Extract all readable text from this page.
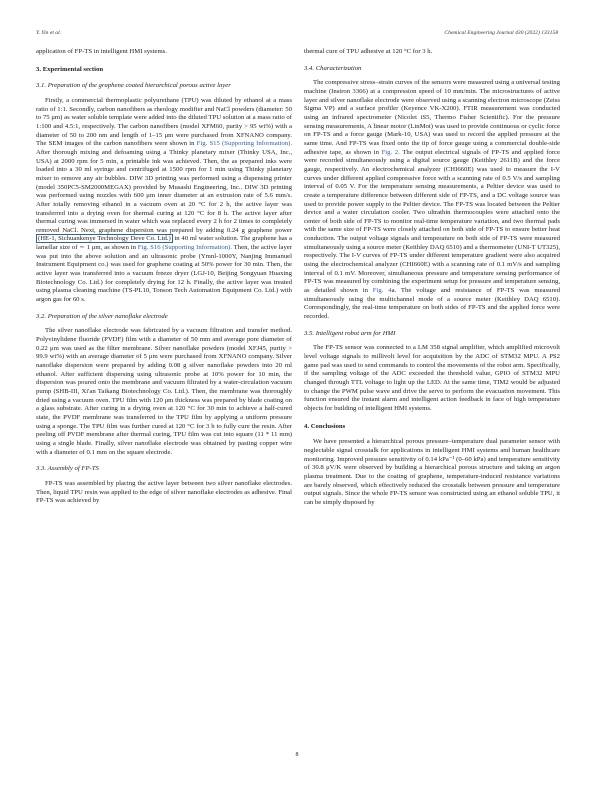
Y. Yin et al.	Chemical Engineering Journal 430 (2022) 133158

application of FP-TS in intelligent HMI systems.

3. Experimental section

3.1. Preparation of the graphene coated hierarchical porous active layer

Firstly, a commercial thermoplastic polyurethane (TPU) was diluted by ethanol at a mass ratio of 1:1. Secondly, carbon nanofibers as rheology modifier and NaCl powders (diameter: 50 to 75 μm) as water soluble template were added into the diluted TPU solution at a mass ratio of 1:100 and 4.5:1, respectively. The carbon nanofibers (model XFM60, purity > 95 wt%) with a diameter of 50 to 200 nm and length of 1–15 μm were purchased from XFNANO company. The SEM images of the carbon nanofibers were shown in Fig. S15 (Supporting Information). After thorough mixing and defoaming using a Thinky planetary mixer (Thinky USA, Inc., USA) at 2000 rpm for 5 min, a printable ink was achieved. Then, the as prepared inks were loaded into a 30 ml syringe and centrifuged at 1500 rpm for 1 min using Thinky planetary mixer to remove any air bubbles. DIW 3D printing was performed using a dispensing printer (model 350PC5-SM2000MEGAX) provided by Musashi Engineering, Inc.. DIW 3D printing was performed using nozzles with 600 μm inner diameter at an extrusion rate of 5.6 mm/s. After totally removing ethanol in a vacuum oven at 20 °C for 2 h, the active layer was transferred into a drying oven for thermal curing at 120 °C for 8 h. The active layer after thermal curing was immersed in water which was replaced every 2 h for 2 times to completely removed NaCl. Next, graphene dispersion was prepared by adding 0.24 g graphene power (HE-1, Sichuankenye Technology Deve Co. Ltd.) in 40 ml water solution. The graphene has a lamellar size of ∼ 1 μm, as shown in Fig. S16 (Supporting Information). Then, the active layer was put into the above solution and an ultrasonic probe (Ymnl-1000Y, Nanjing Immanuel Instrument Equipment co.) was used for graphene coating at 50% power for 30 min. Then, the active layer was transferred into a vacuum freeze dryer (LGJ-10, Beijing Songyuan Huaxing Biotechnology Co. Ltd.) for completely drying for 12 h. Finally, the active layer was treated using plasma cleaning machine (TS-PL10, Tonson Tech Automation Equipment Co. Ltd.) with argon gas for 60 s.

3.2. Preparation of the silver nanoflake electrode

The silver nanoflake electrode was fabricated by a vacuum filtration and transfer method. Polyvinylidene fluoride (PVDF) film with a diameter of 50 mm and average pore diameter of 0.22 μm was used as the filter membrane. Silver nanoflake powders (model XFJ45, purity > 99.9 wt%) with an average diameter of 5 μm were purchased from XFNANO company. Silver nanoflake dispersion were prepared by adding 0.08 g silver nanoflake powders into 20 ml ethanol. After sufficient dispersing using ultrasonic probe at 10% power for 10 min, the dispersion was poured onto the membrane and vacuum filtrated by a water-circulation vacuum pump (SHB-III, Xi'an Taikang Biotechnology Co. Ltd.). Then, the membrane was thoroughly dried using a vacuum oven. TPU film with 120 μm thickness was prepared by blade coating on a glass substrate. After curing in a drying oven at 120 °C for 30 min to achieve a half-cured state, the PVDF membrane was transferred to the TPU film by applying a uniform pressure using a sponge. The TPU film was further cured at 120 °C for 3 h to fully cure the resin. After peeling off PVDF membrane after thermal curing, TPU film was cut into square (11 * 11 mm) using a single blade. Finally, silver nanoflake electrode was obtained by pasting copper wire with a diameter of 0.1 mm on the square electrode.

3.3. Assembly of FP-TS

FP-TS was assembled by placing the active layer between two silver nanoflake electrodes. Then, liquid TPU resin was applied to the edge of silver nanoflake electrodes as adhesive. Final FP-TS was achieved by

thermal cure of TPU adhesive at 120 °C for 3 h.

3.4. Characterization

The compressive stress–strain curves of the sensors were measured using a universal testing machine (Instron 3366) at a compression speed of 10 mm/min. The microstructures of active layer and silver nanoflake electrode were observed using a scanning electron microscope (Zeiss Sigma VP) and a surface profiler (Keyence VK-X200). FTIR measurement was conducted using an infrared spectrometer (Nicolet iS5, Thermo Fisher Scientific). For the pressure sensing measurements, A linear motor (LinMot) was used to provide continuous or cyclic force on FP-TS and a force gauge (Mark-10, USA) was used to record the applied pressure at the same time. And FP-TS was fixed onto the tip of force gauge using a commercial double-side adhesive tape, as shown in Fig. 2. The output electrical signals of FP-TS and applied force were recorded simultaneously using a digital source gauge (Keithley 2611B) and the force gauge, respectively. An electrochemical analyzer (CHI660E) was used to measure the I-V curves under different applied compressive force with a scanning rate of 0.5 V/s and sampling interval of 0.05 V. For the temperature sensing measurements, a Peltier device was used to create a temperature difference between different side of FP-TS, and a DC voltage source was used to provide power supply to the Peltier device. The FP-TS was located between the Peltier device and a water circulation cooler. Two ultrathin thermocouples were attached onto the center of both side of FP-TS to monitor real-time temperature variation, and two thermal pads with the same size of FP-TS were closely attached on both side of FP-TS to ensure better heat conduction. The output voltage signals and temperature on both side of FP-TS were measured simultaneously using a source meter (Keithley DAQ 6510) and a thermometer (UNI-T UT325), respectively. The I-V curves of FP-TS under different temperature gradient were also acquired using the electrochemical analyzer (CHI660E) with a scanning rate of 0.1 mV/s and sampling interval of 0.1 mV. Moreover, simultaneous pressure and temperature sensing performance of FP-TS was measured by combining the experiment setup for pressure and temperature sensing, as detailed shown in Fig. 4a. The voltage and resistance of FP-TS was measured simultaneously using the multichannel mode of a source meter (Keithley DAQ 6510). Correspondingly, the real-time temperature on both sides of FP-TS and the applied force were recorded.

3.5. Intelligent robot arm for HMI

The FP-TS sensor was connected to a LM 358 signal amplifier, which amplified microvolt level voltage signals to millivolt level for acquisition by the ADC of STM32 MPU. A PS2 game pad was used to send commands to control the movements of the robot arm. Specifically, if the sampling voltage of the ADC exceeded the threshold value, GPIO of STM32 MPU changed through TTL voltage to light up the LED. At the same time, TIM2 would be adjusted to change the PWM pulse wave and drive the servo to perform the evacuation movement. This function ensured the instant alarm and intelligent action feedback in face of high temperature objects for building of intelligent HMI systems.

4. Conclusions

We have presented a hierarchical porous pressure–temperature dual parameter sensor with neglectable signal crosstalk for applications in intelligent HMI systems and human healthcare monitoring. Improved pressure sensitivity of 0.14 kPa⁻¹ (0–60 kPa) and temperature sensitivity of 30.8 μV/K were observed by building a hierarchical porous structure and taking an argon plasma treatment. Due to the coating of graphene, temperature-induced resistance variations are barely observed, which effectively reduced the crosstalk between pressure and temperature output signals. Since the whole FP-TS sensor was constructed using an ethanol soluble TPU, it can be simply disposed by

8
